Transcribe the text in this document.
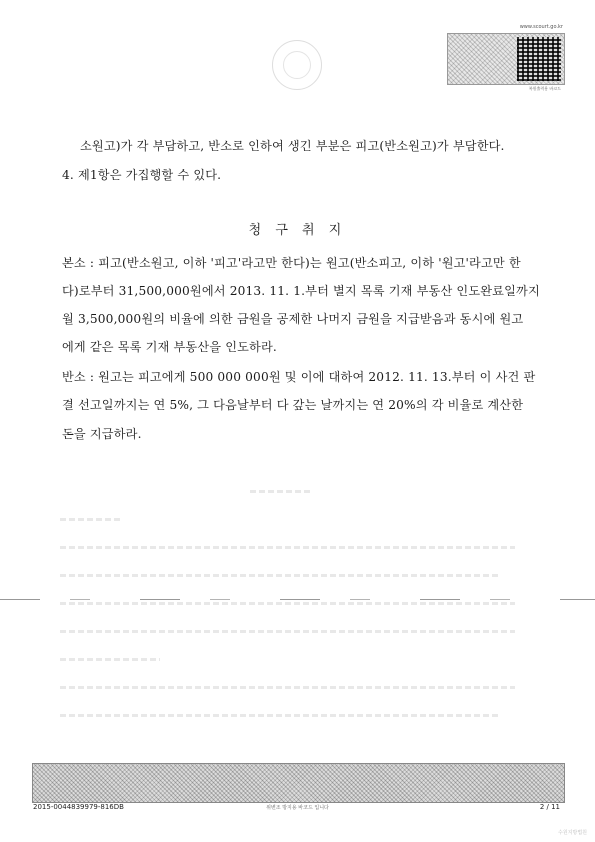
www.scourt.go.kr
복원출력용 바코드
소원고)가 각 부담하고, 반소로 인하여 생긴 부분은 피고(반소원고)가 부담한다.
4. 제1항은 가집행할 수 있다.
청 구 취 지
본소 : 피고(반소원고, 이하 '피고'라고만 한다)는 원고(반소피고, 이하 '원고'라고만 한
다)로부터 31,500,000원에서 2013. 11. 1.부터 별지 목록 기재 부동산 인도완료일까지
월 3,500,000원의 비율에 의한 금원을 공제한 나머지 금원을 지급받음과 동시에 원고
에게 같은 목록 기재 부동산을 인도하라.
반소 : 원고는 피고에게 500 000 000원 및 이에 대하여 2012. 11. 13.부터 이 사건 판
결 선고일까지는 연 5%, 그 다음날부터 다 갚는 날까지는 연 20%의 각 비율로 계산한
돈을 지급하라.
2015-0044839979-816DB	위변조 방지용 바코드 입니다	2 / 11
수원지방법원
